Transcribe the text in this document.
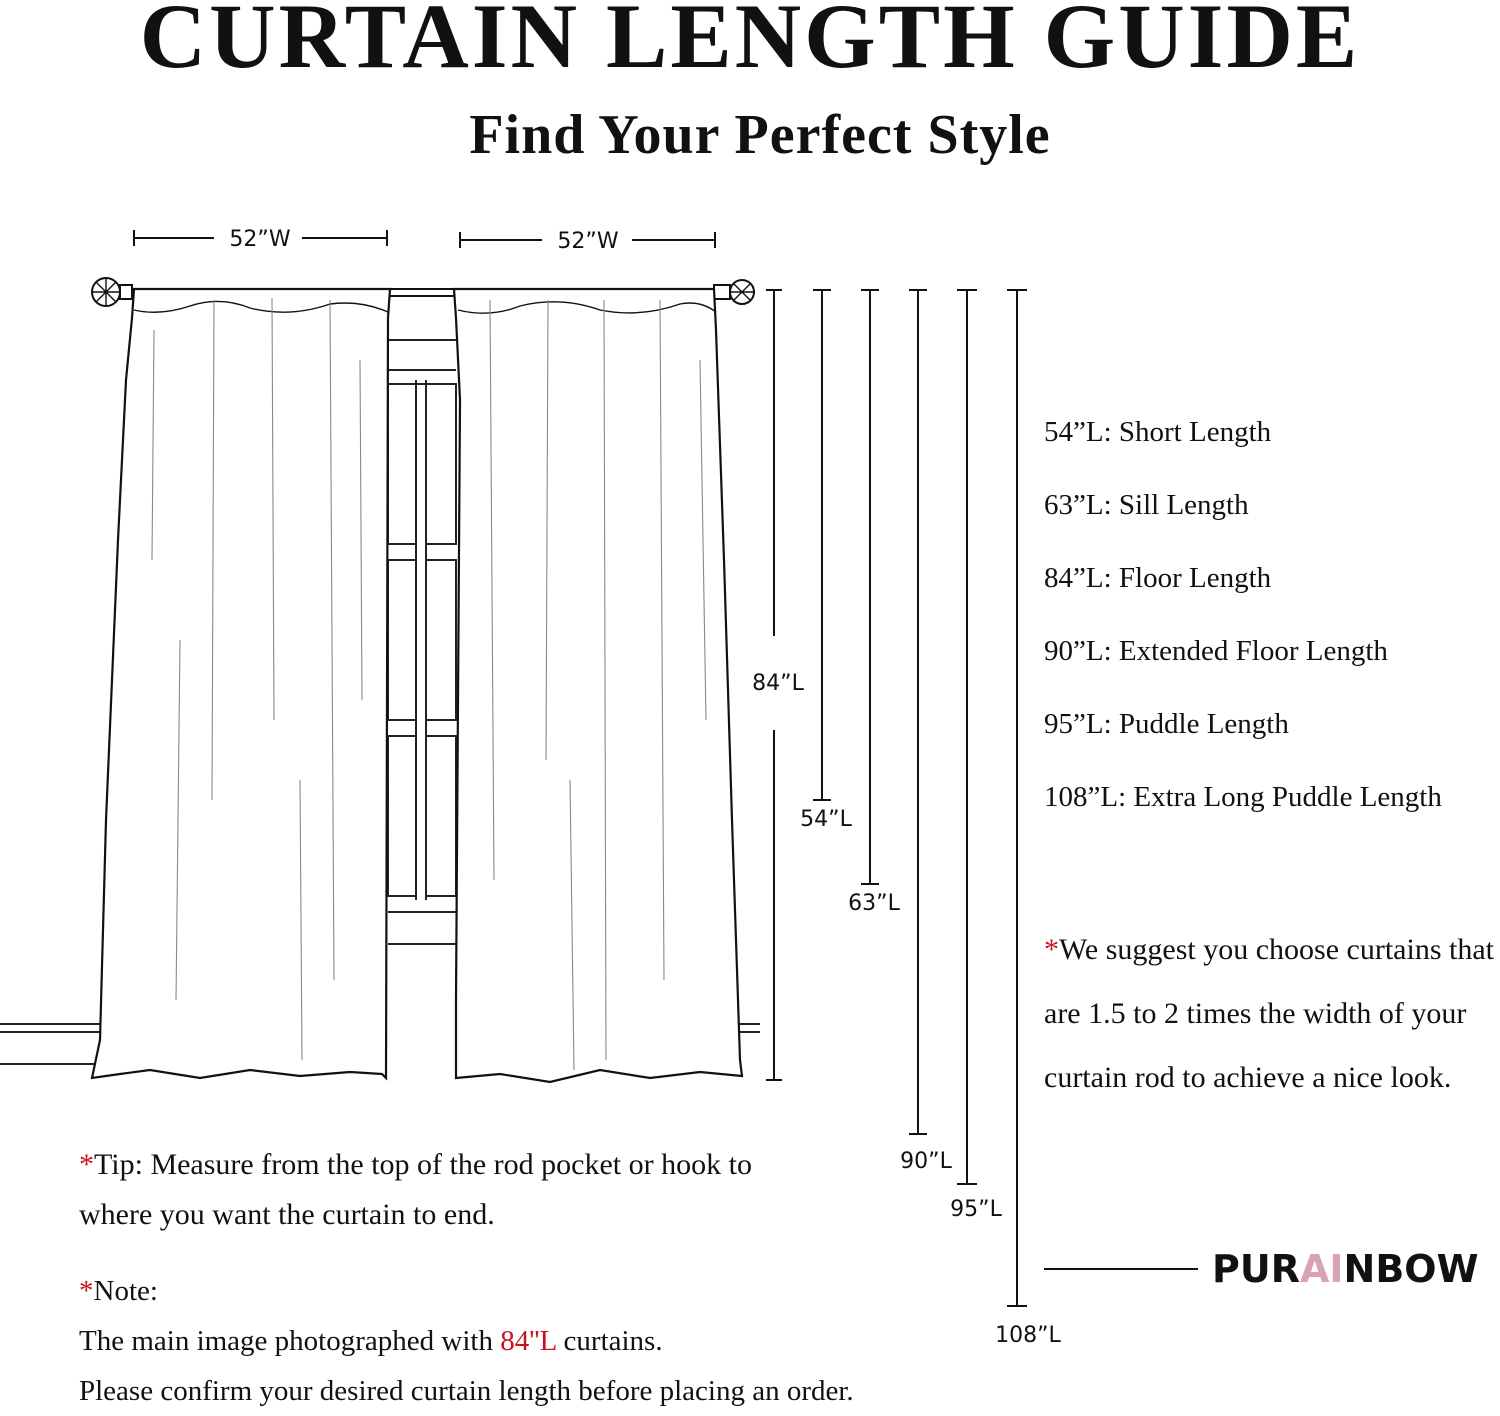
CURTAIN LENGTH GUIDE
Find Your Perfect Style
52”W	52”W
84”L
54”L
63”L
90”L
95”L
108”L
54”L: Short Length
63”L: Sill Length
84”L: Floor Length
90”L: Extended Floor Length
95”L: Puddle Length
108”L: Extra Long Puddle Length
*We suggest you choose curtains that are 1.5 to 2 times the width of your curtain rod to achieve a nice look.
*Tip: Measure from the top of the rod pocket or hook to where you want the curtain to end.
*Note:
The main image photographed with 84''L curtains.
Please confirm your desired curtain length before placing an order.
PURAINBOW
